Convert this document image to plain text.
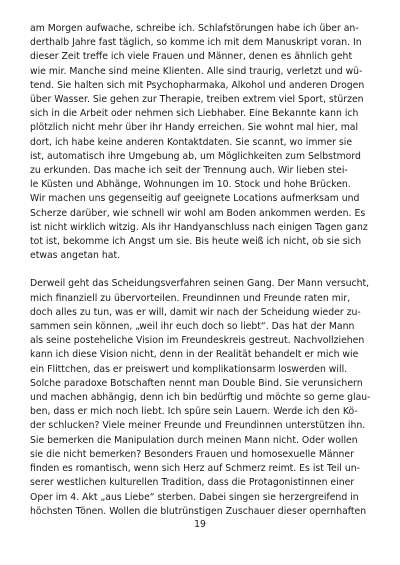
am Morgen aufwache, schreibe ich. Schlafstörungen habe ich über an-
derthalb Jahre fast täglich, so komme ich mit dem Manuskript voran. In
dieser Zeit treffe ich viele Frauen und Männer, denen es ähnlich geht
wie mir. Manche sind meine Klienten. Alle sind traurig, verletzt und wü-
tend. Sie halten sich mit Psychopharmaka, Alkohol und anderen Drogen
über Wasser. Sie gehen zur Therapie, treiben extrem viel Sport, stürzen
sich in die Arbeit oder nehmen sich Liebhaber. Eine Bekannte kann ich
plötzlich nicht mehr über ihr Handy erreichen. Sie wohnt mal hier, mal
dort, ich habe keine anderen Kontaktdaten. Sie scannt, wo immer sie
ist, automatisch ihre Umgebung ab, um Möglichkeiten zum Selbstmord
zu erkunden. Das mache ich seit der Trennung auch. Wir lieben stei-
le Küsten und Abhänge, Wohnungen im 10. Stock und hohe Brücken.
Wir machen uns gegenseitig auf geeignete Locations aufmerksam und
Scherze darüber, wie schnell wir wohl am Boden ankommen werden. Es
ist nicht wirklich witzig. Als ihr Handyanschluss nach einigen Tagen ganz
tot ist, bekomme ich Angst um sie. Bis heute weiß ich nicht, ob sie sich
etwas angetan hat.

Derweil geht das Scheidungsverfahren seinen Gang. Der Mann versucht,
mich finanziell zu übervorteilen. Freundinnen und Freunde raten mir,
doch alles zu tun, was er will, damit wir nach der Scheidung wieder zu-
sammen sein können, „weil ihr euch doch so liebt“. Das hat der Mann
als seine posteheliche Vision im Freundeskreis gestreut. Nachvollziehen
kann ich diese Vision nicht, denn in der Realität behandelt er mich wie
ein Flittchen, das er preiswert und komplikationsarm loswerden will.
Solche paradoxe Botschaften nennt man Double Bind. Sie verunsichern
und machen abhängig, denn ich bin bedürftig und möchte so gerne glau-
ben, dass er mich noch liebt. Ich spüre sein Lauern. Werde ich den Kö-
der schlucken? Viele meiner Freunde und Freundinnen unterstützen ihn.
Sie bemerken die Manipulation durch meinen Mann nicht. Oder wollen
sie die nicht bemerken? Besonders Frauen und homosexuelle Männer
finden es romantisch, wenn sich Herz auf Schmerz reimt. Es ist Teil un-
serer westlichen kulturellen Tradition, dass die Protagonistinnen einer
Oper im 4. Akt „aus Liebe“ sterben. Dabei singen sie herzergreifend in
höchsten Tönen. Wollen die blutrünstigen Zuschauer dieser opernhaften

19
